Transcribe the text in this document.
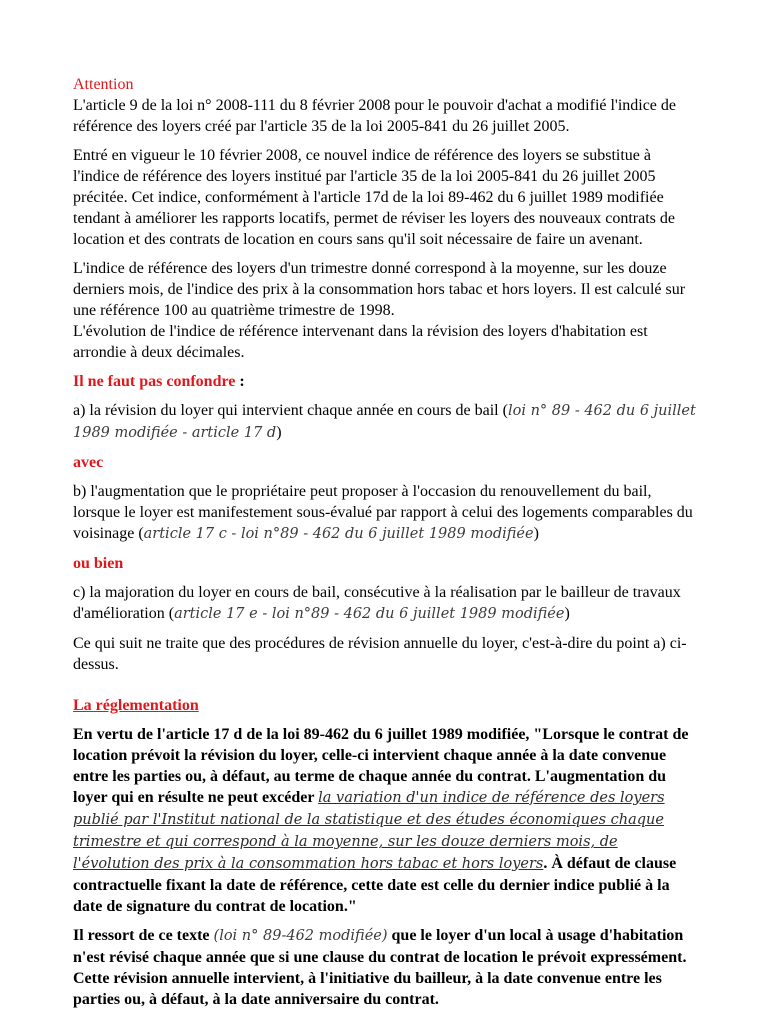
Attention
L'article 9 de la loi n° 2008-111 du 8 février 2008 pour le pouvoir d'achat a modifié l'indice de référence des loyers créé par l'article 35 de la loi 2005-841 du 26 juillet 2005.

Entré en vigueur le 10 février 2008, ce nouvel indice de référence des loyers se substitue à l'indice de référence des loyers institué par l'article 35 de la loi 2005-841 du 26 juillet 2005 précitée. Cet indice, conformément à l'article 17d de la loi 89-462 du 6 juillet 1989 modifiée tendant à améliorer les rapports locatifs, permet de réviser les loyers des nouveaux contrats de location et des contrats de location en cours sans qu'il soit nécessaire de faire un avenant.

L'indice de référence des loyers d'un trimestre donné correspond à la moyenne, sur les douze derniers mois, de l'indice des prix à la consommation hors tabac et hors loyers. Il est calculé sur une référence 100 au quatrième trimestre de 1998.
L'évolution de l'indice de référence intervenant dans la révision des loyers d'habitation est arrondie à deux décimales.

Il ne faut pas confondre :

a) la révision du loyer qui intervient chaque année en cours de bail (loi n° 89 - 462 du 6 juillet 1989 modifiée - article 17 d)

avec

b) l'augmentation que le propriétaire peut proposer à l'occasion du renouvellement du bail, lorsque le loyer est manifestement sous-évalué par rapport à celui des logements comparables du voisinage (article 17 c - loi n°89 - 462 du 6 juillet 1989 modifiée)

ou bien

c) la majoration du loyer en cours de bail, consécutive à la réalisation par le bailleur de travaux d'amélioration (article 17 e - loi n°89 - 462 du 6 juillet 1989 modifiée)

Ce qui suit ne traite que des procédures de révision annuelle du loyer, c'est-à-dire du point a) ci-dessus.

La réglementation

En vertu de l'article 17 d de la loi 89-462 du 6 juillet 1989 modifiée, "Lorsque le contrat de location prévoit la révision du loyer, celle-ci intervient chaque année à la date convenue entre les parties ou, à défaut, au terme de chaque année du contrat. L'augmentation du loyer qui en résulte ne peut excéder la variation d'un indice de référence des loyers publié par l'Institut national de la statistique et des études économiques chaque trimestre et qui correspond à la moyenne, sur les douze derniers mois, de l'évolution des prix à la consommation hors tabac et hors loyers. À défaut de clause contractuelle fixant la date de référence, cette date est celle du dernier indice publié à la date de signature du contrat de location."

Il ressort de ce texte (loi n° 89-462 modifiée) que le loyer d'un local à usage d'habitation n'est révisé chaque année que si une clause du contrat de location le prévoit expressément. Cette révision annuelle intervient, à l'initiative du bailleur, à la date convenue entre les parties ou, à défaut, à la date anniversaire du contrat.
